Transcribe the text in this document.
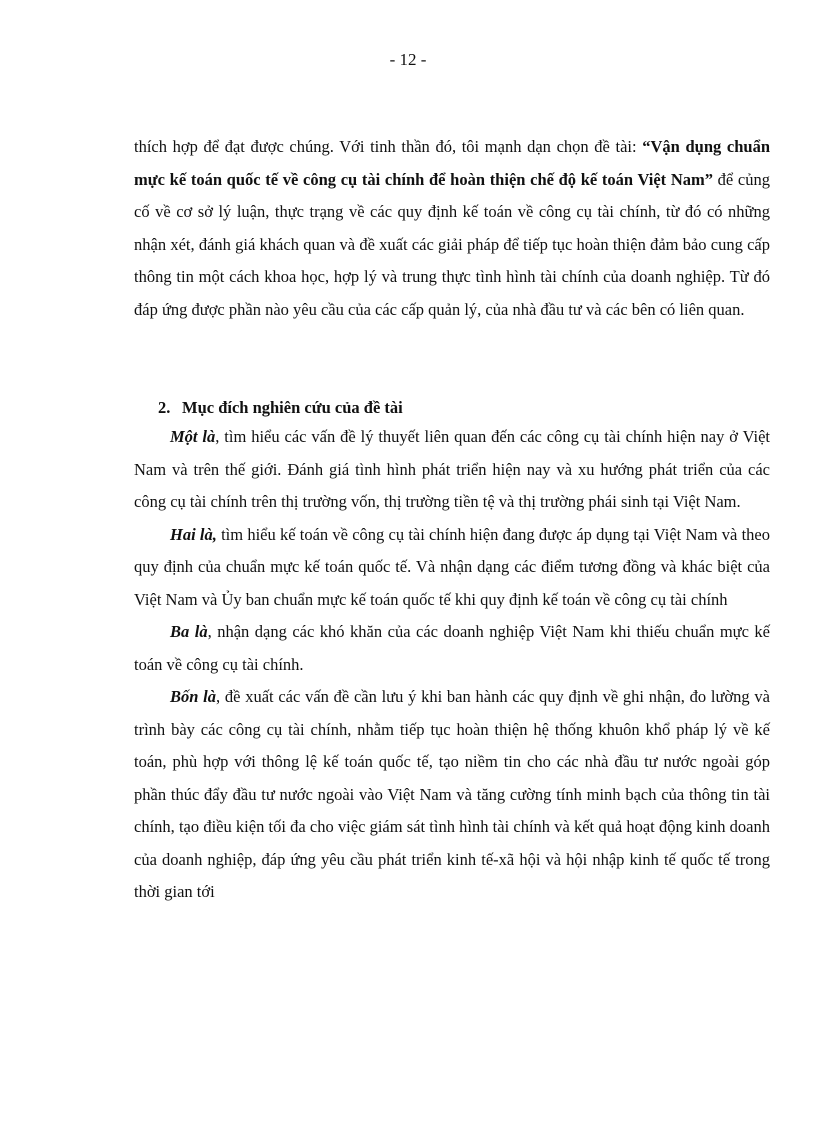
- 12 -
thích hợp để đạt được chúng. Với tinh thần đó, tôi mạnh dạn chọn đề tài: “Vận dụng chuẩn mực kế toán quốc tế về công cụ tài chính để hoàn thiện chế độ kế toán Việt Nam” để củng cố về cơ sở lý luận, thực trạng về các quy định kế toán về công cụ tài chính, từ đó có những nhận xét, đánh giá khách quan và đề xuất các giải pháp để tiếp tục hoàn thiện đảm bảo cung cấp thông tin một cách khoa học, hợp lý và trung thực tình hình tài chính của doanh nghiệp. Từ đó đáp ứng được phần nào yêu cầu của các cấp quản lý, của nhà đầu tư và các bên có liên quan.
2. Mục đích nghiên cứu của đề tài

Một là, tìm hiểu các vấn đề lý thuyết liên quan đến các công cụ tài chính hiện nay ở Việt Nam và trên thế giới. Đánh giá tình hình phát triển hiện nay và xu hướng phát triển của các công cụ tài chính trên thị trường vốn, thị trường tiền tệ và thị trường phái sinh tại Việt Nam.

Hai là, tìm hiểu kế toán về công cụ tài chính hiện đang được áp dụng tại Việt Nam và theo quy định của chuẩn mực kế toán quốc tế. Và nhận dạng các điểm tương đồng và khác biệt của Việt Nam và Ủy ban chuẩn mực kế toán quốc tế khi quy định kế toán về công cụ tài chính

Ba là, nhận dạng các khó khăn của các doanh nghiệp Việt Nam khi thiếu chuẩn mực kế toán về công cụ tài chính.

Bốn là, đề xuất các vấn đề cần lưu ý khi ban hành các quy định về ghi nhận, đo lường và trình bày các công cụ tài chính, nhằm tiếp tục hoàn thiện hệ thống khuôn khổ pháp lý về kế toán, phù hợp với thông lệ kế toán quốc tế, tạo niềm tin cho các nhà đầu tư nước ngoài góp phần thúc đẩy đầu tư nước ngoài vào Việt Nam và tăng cường tính minh bạch của thông tin tài chính, tạo điều kiện tối đa cho việc giám sát tình hình tài chính và kết quả hoạt động kinh doanh của doanh nghiệp, đáp ứng yêu cầu phát triển kinh tế-xã hội và hội nhập kinh tế quốc tế trong thời gian tới
